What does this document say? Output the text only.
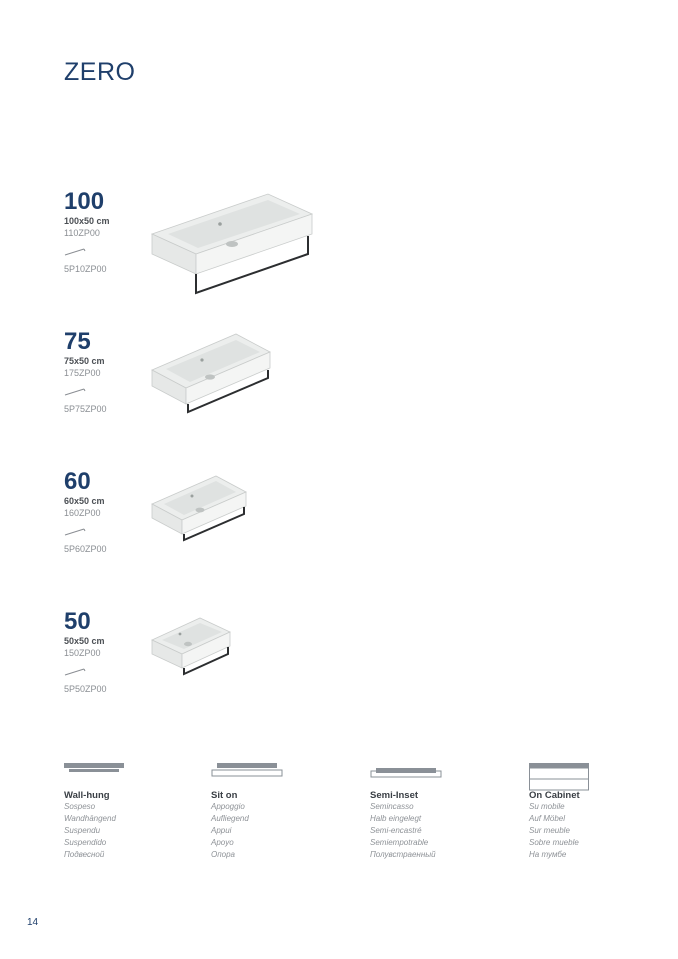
ZERO
100
100x50 cm
110ZP00
5P10ZP00
75
75x50 cm
175ZP00
5P75ZP00
60
60x50 cm
160ZP00
5P60ZP00
50
50x50 cm
150ZP00
5P50ZP00
Wall-hung
Sospeso
Wandhängend
Suspendu
Suspendido
Подвесной
Sit on
Appoggio
Aufliegend
Appui
Apoyo
Опора
Semi-Inset
Semincasso
Halb eingelegt
Semi-encastré
Semiempotrable
Полувстраенный
On Cabinet
Su mobile
Auf Möbel
Sur meuble
Sobre mueble
На тумбе
14
